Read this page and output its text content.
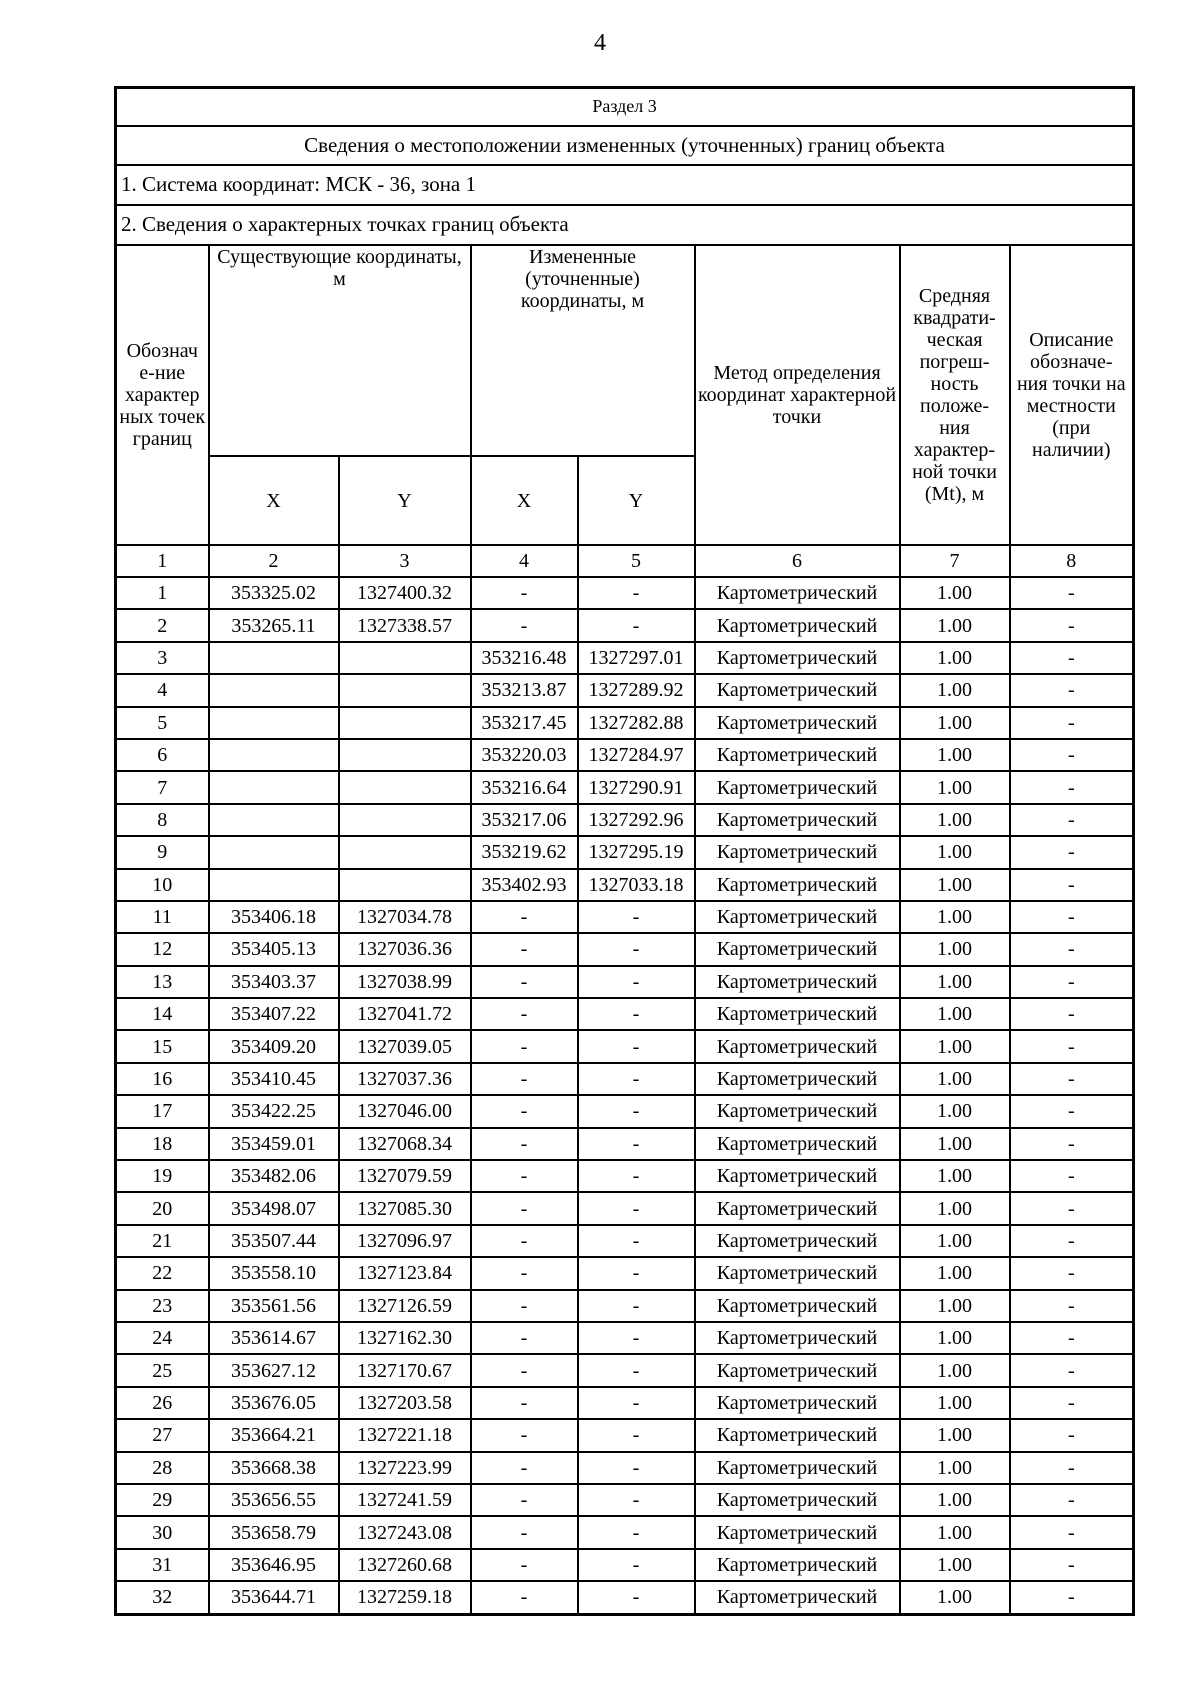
4
Раздел 3							
Сведения о местоположении измененных (уточненных) границ объекта							
1. Система координат: МСК - 36, зона 1							
2. Сведения о характерных точках границ объекта							
Обознач е-ние характер ных точек границ	Существующие координаты, м		Измененные (уточненные) координаты, м		Метод определения координат характерной точки	Средняя квадрати- ческая погреш- ность положе- ния характер- ной точки (Mt), м	Описание обозначе- ния точки на местности (при наличии)
	X	Y	X	Y			
1	2	3	4	5	6	7	8
1	353325.02	1327400.32	-	-	Картометрический	1.00	-
2	353265.11	1327338.57	-	-	Картометрический	1.00	-
3			353216.48	1327297.01	Картометрический	1.00	-
4			353213.87	1327289.92	Картометрический	1.00	-
5			353217.45	1327282.88	Картометрический	1.00	-
6			353220.03	1327284.97	Картометрический	1.00	-
7			353216.64	1327290.91	Картометрический	1.00	-
8			353217.06	1327292.96	Картометрический	1.00	-
9			353219.62	1327295.19	Картометрический	1.00	-
10			353402.93	1327033.18	Картометрический	1.00	-
11	353406.18	1327034.78	-	-	Картометрический	1.00	-
12	353405.13	1327036.36	-	-	Картометрический	1.00	-
13	353403.37	1327038.99	-	-	Картометрический	1.00	-
14	353407.22	1327041.72	-	-	Картометрический	1.00	-
15	353409.20	1327039.05	-	-	Картометрический	1.00	-
16	353410.45	1327037.36	-	-	Картометрический	1.00	-
17	353422.25	1327046.00	-	-	Картометрический	1.00	-
18	353459.01	1327068.34	-	-	Картометрический	1.00	-
19	353482.06	1327079.59	-	-	Картометрический	1.00	-
20	353498.07	1327085.30	-	-	Картометрический	1.00	-
21	353507.44	1327096.97	-	-	Картометрический	1.00	-
22	353558.10	1327123.84	-	-	Картометрический	1.00	-
23	353561.56	1327126.59	-	-	Картометрический	1.00	-
24	353614.67	1327162.30	-	-	Картометрический	1.00	-
25	353627.12	1327170.67	-	-	Картометрический	1.00	-
26	353676.05	1327203.58	-	-	Картометрический	1.00	-
27	353664.21	1327221.18	-	-	Картометрический	1.00	-
28	353668.38	1327223.99	-	-	Картометрический	1.00	-
29	353656.55	1327241.59	-	-	Картометрический	1.00	-
30	353658.79	1327243.08	-	-	Картометрический	1.00	-
31	353646.95	1327260.68	-	-	Картометрический	1.00	-
32	353644.71	1327259.18	-	-	Картометрический	1.00	-
